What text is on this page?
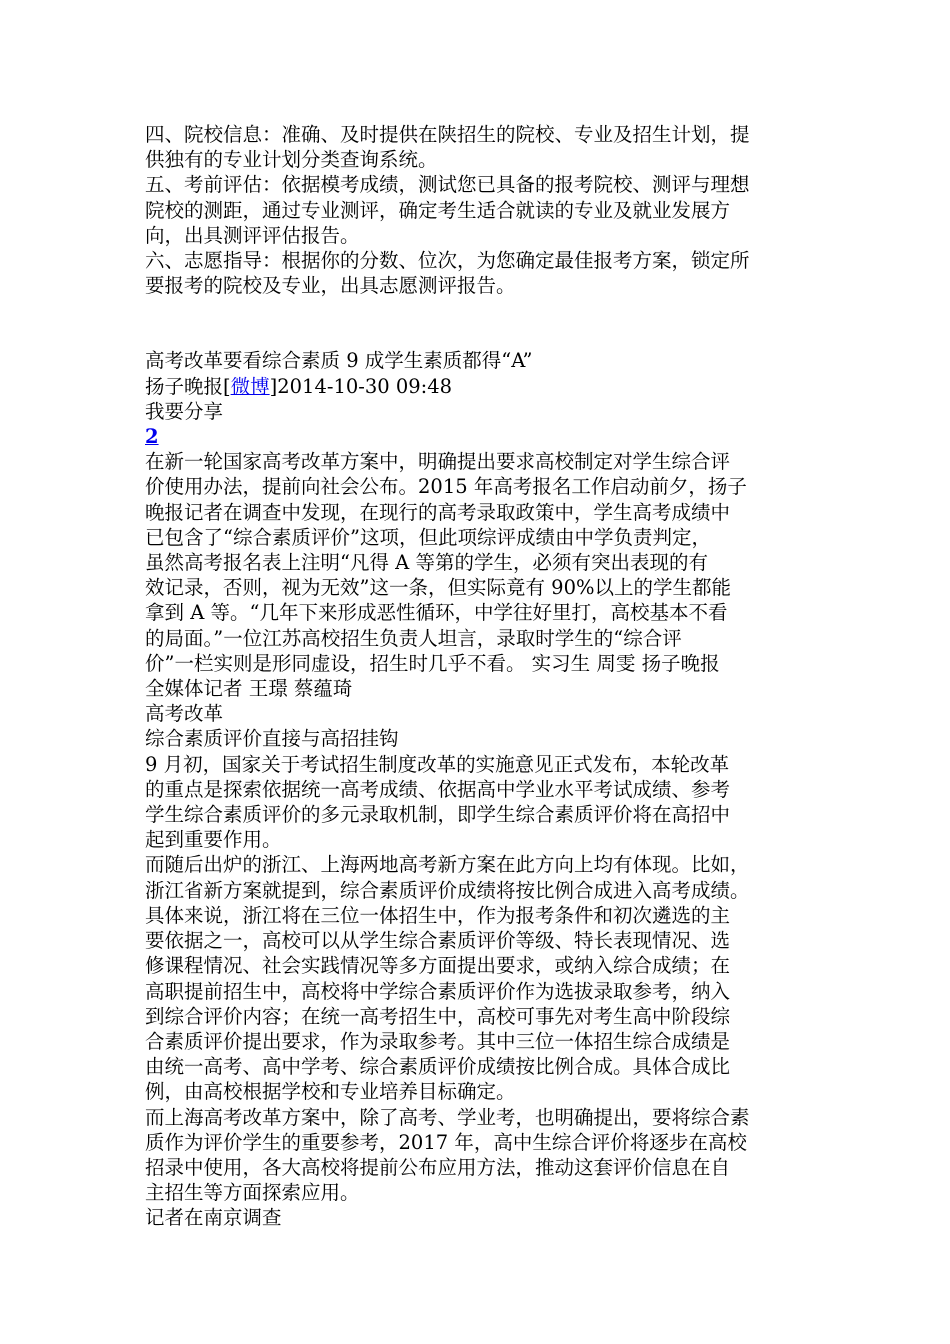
四、院校信息：准确、及时提供在陕招生的院校、专业及招生计划，提
供独有的专业计划分类查询系统。
五、考前评估：依据模考成绩，测试您已具备的报考院校、测评与理想
院校的测距，通过专业测评，确定考生适合就读的专业及就业发展方
向，出具测评评估报告。
六、志愿指导：根据你的分数、位次，为您确定最佳报考方案，锁定所
要报考的院校及专业，出具志愿测评报告。
高考改革要看综合素质 9 成学生素质都得“A”
扬子晚报[微博]2014-10-30 09:48
我要分享
2
在新一轮国家高考改革方案中，明确提出要求高校制定对学生综合评
价使用办法，提前向社会公布。2015 年高考报名工作启动前夕，扬子
晚报记者在调查中发现，在现行的高考录取政策中，学生高考成绩中
已包含了“综合素质评价”这项，但此项综评成绩由中学负责判定，
虽然高考报名表上注明“凡得 A 等第的学生，必须有突出表现的有
效记录，否则，视为无效”这一条，但实际竟有 90%以上的学生都能
拿到 A 等。“几年下来形成恶性循环，中学往好里打，高校基本不看
的局面。”一位江苏高校招生负责人坦言，录取时学生的“综合评
价”一栏实则是形同虚设，招生时几乎不看。 实习生 周雯 扬子晚报
全媒体记者 王璟 蔡蕴琦
高考改革
综合素质评价直接与高招挂钩
9 月初，国家关于考试招生制度改革的实施意见正式发布，本轮改革
的重点是探索依据统一高考成绩、依据高中学业水平考试成绩、参考
学生综合素质评价的多元录取机制，即学生综合素质评价将在高招中
起到重要作用。
而随后出炉的浙江、上海两地高考新方案在此方向上均有体现。比如，
浙江省新方案就提到，综合素质评价成绩将按比例合成进入高考成绩。
具体来说，浙江将在三位一体招生中，作为报考条件和初次遴选的主
要依据之一，高校可以从学生综合素质评价等级、特长表现情况、选
修课程情况、社会实践情况等多方面提出要求，或纳入综合成绩；在
高职提前招生中，高校将中学综合素质评价作为选拔录取参考，纳入
到综合评价内容；在统一高考招生中，高校可事先对考生高中阶段综
合素质评价提出要求，作为录取参考。其中三位一体招生综合成绩是
由统一高考、高中学考、综合素质评价成绩按比例合成。具体合成比
例，由高校根据学校和专业培养目标确定。
而上海高考改革方案中，除了高考、学业考，也明确提出，要将综合素
质作为评价学生的重要参考，2017 年，高中生综合评价将逐步在高校
招录中使用，各大高校将提前公布应用方法，推动这套评价信息在自
主招生等方面探索应用。
记者在南京调查
